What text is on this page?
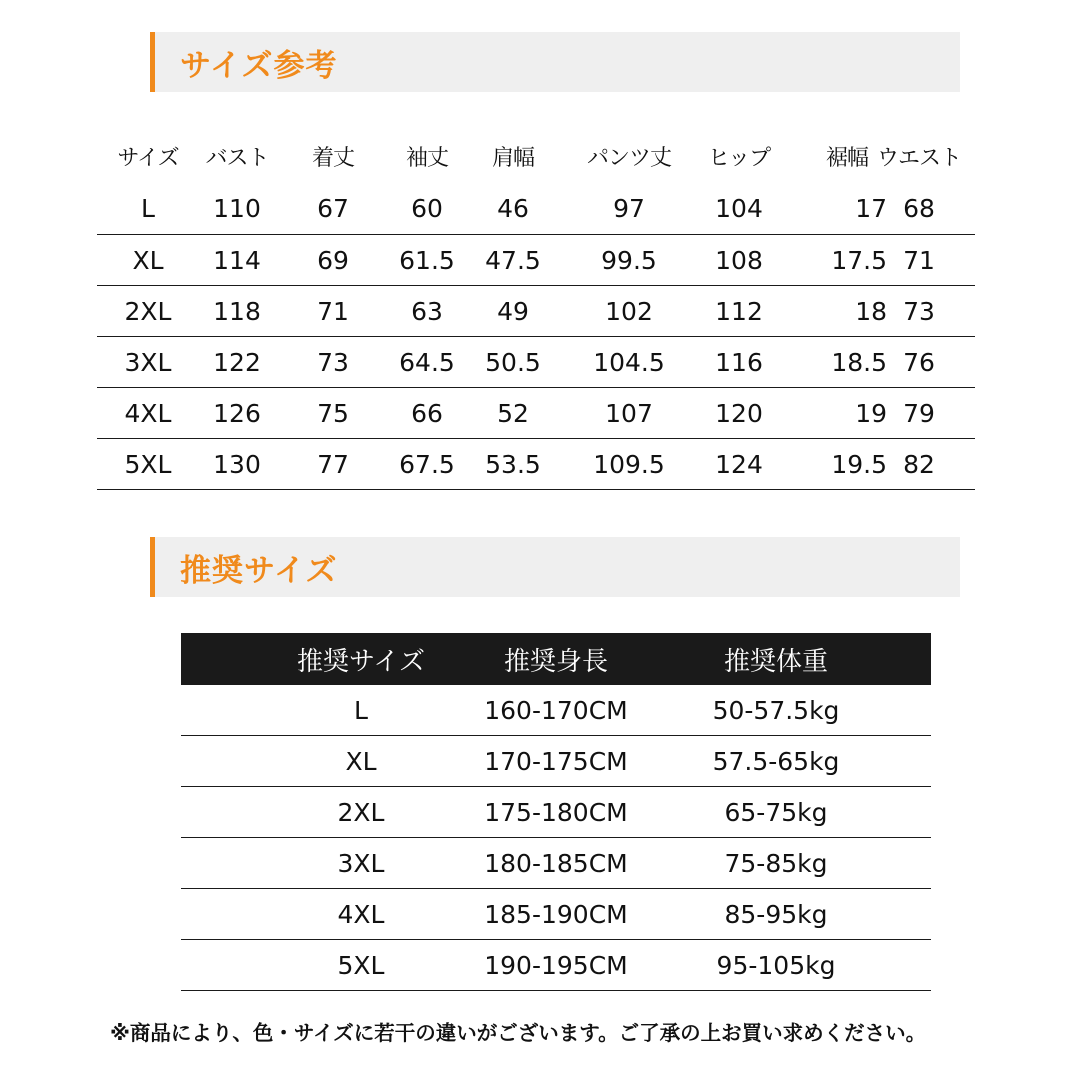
サイズ参考
サイズ	バスト	着丈	袖丈	肩幅	パンツ丈	ヒップ	裾幅 ウエスト
L	110	67	60	46	97	104	17 68
XL	114	69	61.5	47.5	99.5	108	17.5 71
2XL	118	71	63	49	102	112	18 73
3XL	122	73	64.5	50.5	104.5	116	18.5 76
4XL	126	75	66	52	107	120	19 79
5XL	130	77	67.5	53.5	109.5	124	19.5 82
推奨サイズ
推奨サイズ	推奨身長	推奨体重
L	160-170CM	50-57.5kg
XL	170-175CM	57.5-65kg
2XL	175-180CM	65-75kg
3XL	180-185CM	75-85kg
4XL	185-190CM	85-95kg
5XL	190-195CM	95-105kg
※商品により、色・サイズに若干の違いがございます。ご了承の上お買い求めください。
